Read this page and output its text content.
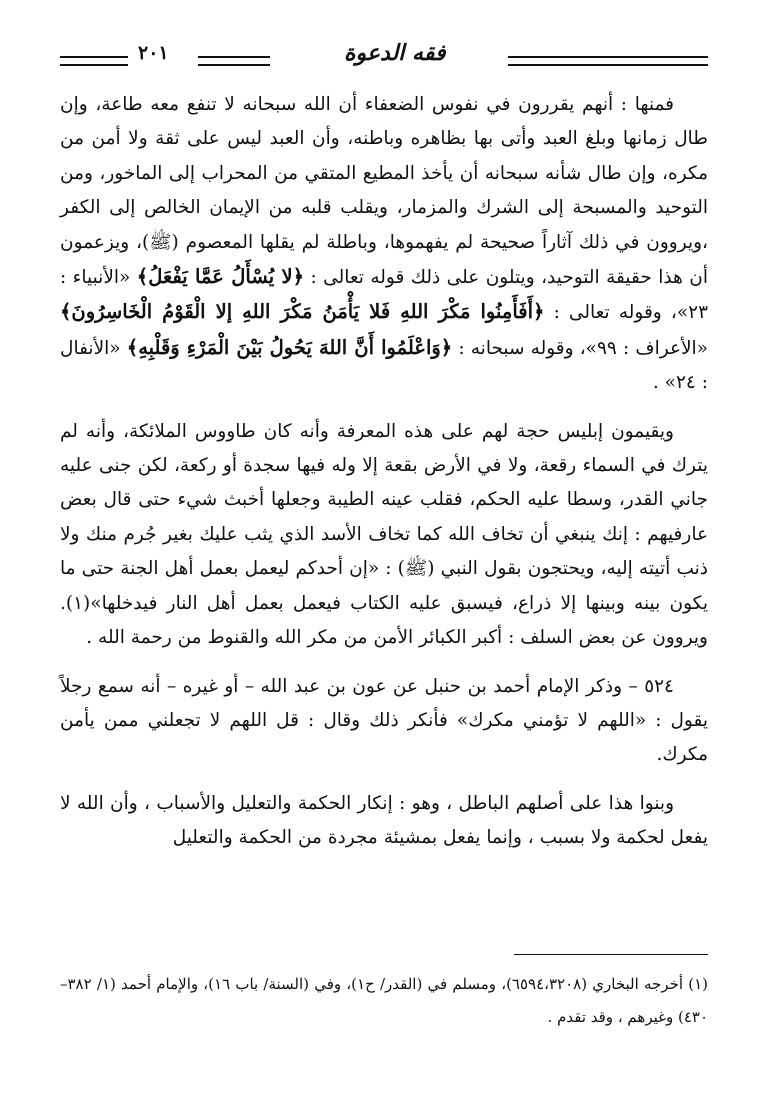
٢٠١	فقه الدعوة

فمنها : أنهم يقررون في نفوس الضعفاء أن الله سبحانه لا تنفع معه طاعة، وإن طال زمانها وبلغ العبد وأتى بها بظاهره وباطنه، وأن العبد ليس على ثقة ولا أمن من مكره، وإن طال شأنه سبحانه أن يأخذ المطيع المتقي من المحراب إلى الماخور، ومن التوحيد والمسبحة إلى الشرك والمزمار، ويقلب قلبه من الإيمان الخالص إلى الكفر ،ويروون في ذلك آثاراً صحيحة لم يفهموها، وباطلة لم يقلها المعصوم (ﷺ)، ويزعمون أن هذا حقيقة التوحيد، ويتلون على ذلك قوله تعالى : ﴿لا يُسْأَلُ عَمَّا يَفْعَلُ﴾ «الأنبياء : ٢٣»، وقوله تعالى : ﴿أَفَأَمِنُوا مَكْرَ اللهِ فَلا يَأْمَنُ مَكْرَ اللهِ إلا الْقَوْمُ الْخَاسِرُونَ﴾ «الأعراف : ٩٩»، وقوله سبحانه : ﴿وَاعْلَمُوا أَنَّ اللهَ يَحُولُ بَيْنَ الْمَرْءِ وَقَلْبِهِ﴾ «الأنفال : ٢٤» .

ويقيمون إبليس حجة لهم على هذه المعرفة وأنه كان طاووس الملائكة، وأنه لم يترك في السماء رقعة، ولا في الأرض بقعة إلا وله فيها سجدة أو ركعة، لكن جنى عليه جاني القدر، وسطا عليه الحكم، فقلب عينه الطيبة وجعلها أخبث شيء حتى قال بعض عارفيهم : إنك ينبغي أن تخاف الله كما تخاف الأسد الذي يثب عليك بغير جُرم منك ولا ذنب أتيته إليه، ويحتجون بقول النبي (ﷺ) : «إن أحدكم ليعمل بعمل أهل الجنة حتى ما يكون بينه وبينها إلا ذراع، فيسبق عليه الكتاب فيعمل بعمل أهل النار فيدخلها»(١). ويروون عن بعض السلف : أكبر الكبائر الأمن من مكر الله والقنوط من رحمة الله .

٥٢٤ – وذكر الإمام أحمد بن حنبل عن عون بن عبد الله – أو غيره – أنه سمع رجلاً يقول : «اللهم لا تؤمني مكرك» فأنكر ذلك وقال : قل اللهم لا تجعلني ممن يأمن مكرك.

وبنوا هذا على أصلهم الباطل ، وهو : إنكار الحكمة والتعليل والأسباب ، وأن الله لا يفعل لحكمة ولا بسبب ، وإنما يفعل بمشيئة مجردة من الحكمة والتعليل

(١) أخرجه البخاري (٦٥٩٤،٣٢٠٨)، ومسلم في (القدر/ ح١)، وفي (السنة/ باب ١٦)، والإمام أحمد (١/ ٣٨٢–٤٣٠) وغيرهم ، وقد تقدم .
